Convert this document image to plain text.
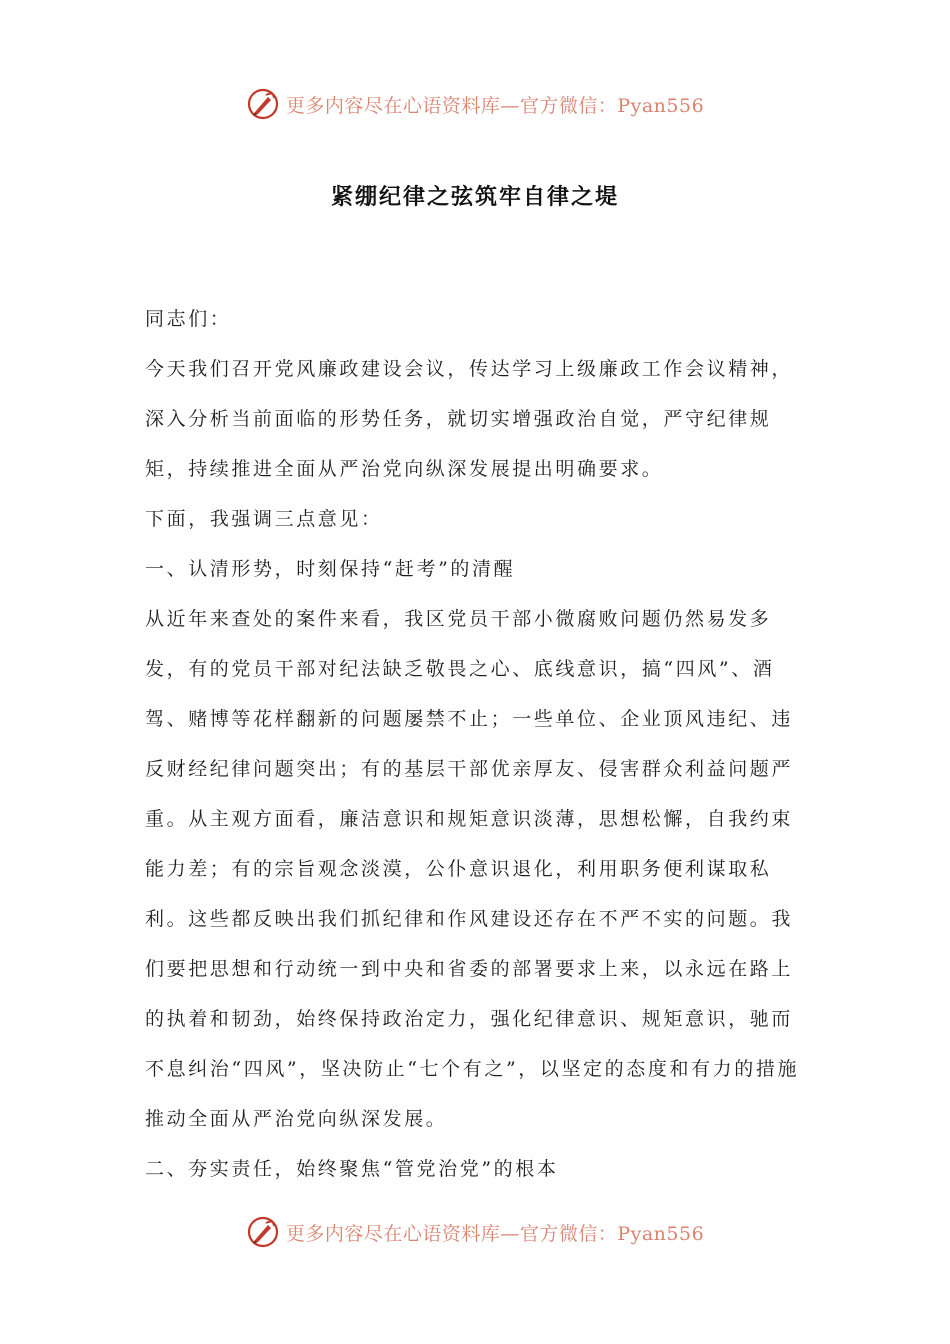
更多内容尽在心语资料库—官方微信：Pyan556
紧绷纪律之弦筑牢自律之堤

同志们：

今天我们召开党风廉政建设会议，传达学习上级廉政工作会议精神，深入分析当前面临的形势任务，就切实增强政治自觉，严守纪律规矩，持续推进全面从严治党向纵深发展提出明确要求。

下面，我强调三点意见：

一、认清形势，时刻保持“赶考”的清醒

从近年来查处的案件来看，我区党员干部小微腐败问题仍然易发多发，有的党员干部对纪法缺乏敬畏之心、底线意识，搞“四风”、酒驾、赌博等花样翻新的问题屡禁不止；一些单位、企业顶风违纪、违反财经纪律问题突出；有的基层干部优亲厚友、侵害群众利益问题严重。从主观方面看，廉洁意识和规矩意识淡薄，思想松懈，自我约束能力差；有的宗旨观念淡漠，公仆意识退化，利用职务便利谋取私利。这些都反映出我们抓纪律和作风建设还存在不严不实的问题。我们要把思想和行动统一到中央和省委的部署要求上来，以永远在路上的执着和韧劲，始终保持政治定力，强化纪律意识、规矩意识，驰而不息纠治“四风”，坚决防止“七个有之”，以坚定的态度和有力的措施推动全面从严治党向纵深发展。

二、夯实责任，始终聚焦“管党治党”的根本

更多内容尽在心语资料库—官方微信：Pyan556
